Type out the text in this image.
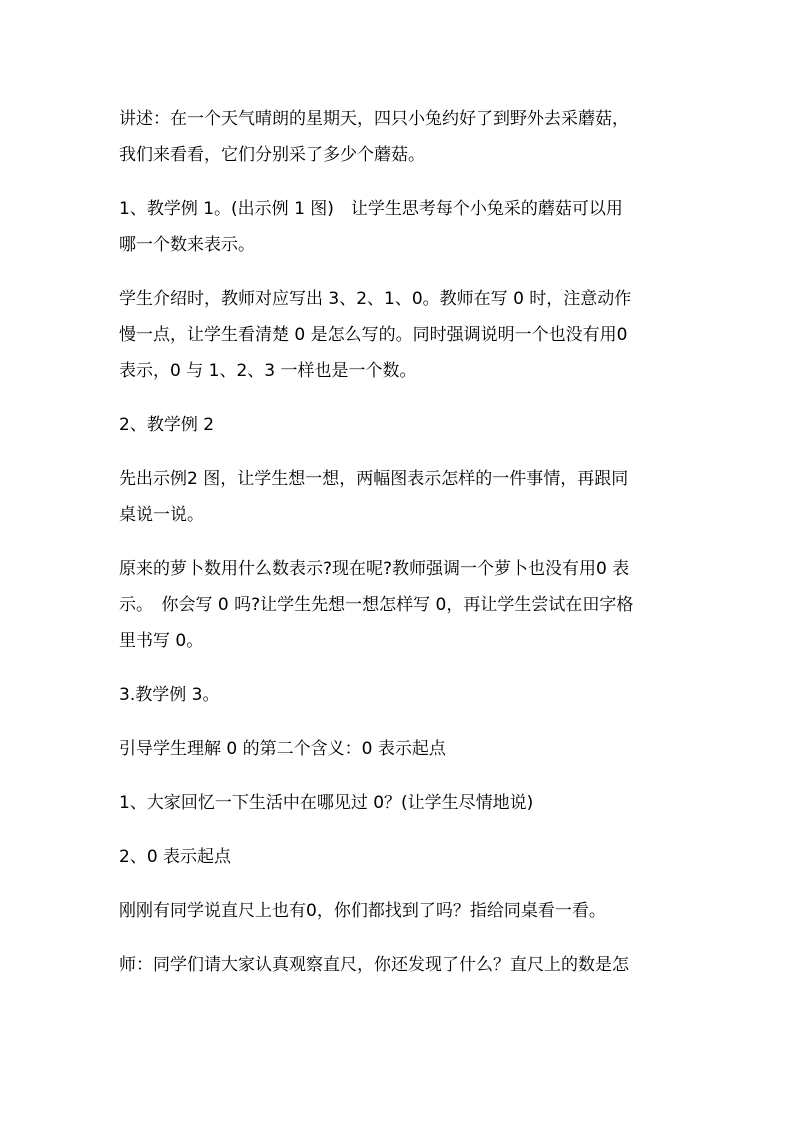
讲述：在一个天气晴朗的星期天，四只小兔约好了到野外去采蘑菇，
我们来看看，它们分别采了多少个蘑菇。

1、教学例 1。(出示例 1 图)　让学生思考每个小兔采的蘑菇可以用
哪一个数来表示。

学生介绍时，教师对应写出 3、2、1、0。教师在写 0 时，注意动作
慢一点，让学生看清楚 0 是怎么写的。同时强调说明一个也没有用0
表示，0 与 1、2、3 一样也是一个数。

2、教学例 2

先出示例2 图，让学生想一想，两幅图表示怎样的一件事情，再跟同
桌说一说。

原来的萝卜数用什么数表示?现在呢?教师强调一个萝卜也没有用0 表
示。　你会写 0 吗?让学生先想一想怎样写 0，再让学生尝试在田字格
里书写 0。

3.教学例 3。

引导学生理解 0 的第二个含义：0 表示起点

1、大家回忆一下生活中在哪见过 0？(让学生尽情地说)

2、0 表示起点

刚刚有同学说直尺上也有0，你们都找到了吗？指给同桌看一看。

师：同学们请大家认真观察直尺，你还发现了什么？直尺上的数是怎
